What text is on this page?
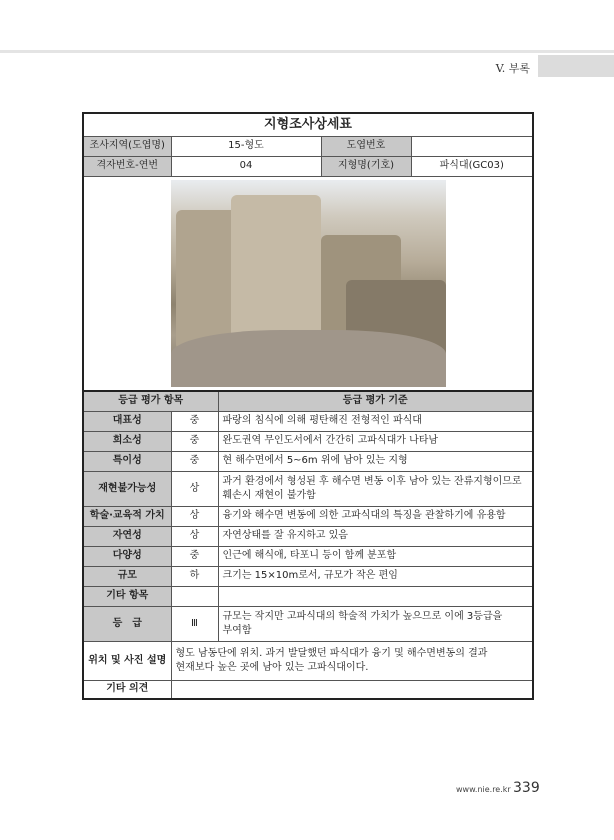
V. 부록
지형조사상세표				
조사지역(도엽명)	15-형도		도엽번호	
격자번호-연번	04		지형명(기호)	파식대(GC03)

등급 평가 항목		등급 평가 기준		
대표성	중	파랑의 침식에 의해 평탄해진 전형적인 파식대		
희소성	중	완도권역 무인도서에서 간간히 고파식대가 나타남		
특이성	중	현 해수면에서 5~6m 위에 남아 있는 지형		
재현불가능성	상	과거 환경에서 형성된 후 해수면 변동 이후 남아 있는 잔류지형이므로 훼손시 재현이 불가함		
학술·교육적 가치	상	융기와 해수면 변동에 의한 고파식대의 특징을 관찰하기에 유용함		
자연성	상	자연상태를 잘 유지하고 있음		
다양성	중	인근에 해식애, 타포니 등이 함께 분포함		
규모	하	크기는 15×10m로서, 규모가 작은 편임		
기타 항목				
등　급	Ⅲ	규모는 작지만 고파식대의 학술적 가치가 높으므로 이에 3등급을 부여함		
위치 및 사진 설명	형도 남동단에 위치. 과거 발달했던 파식대가 융기 및 해수면변동의 결과 현재보다 높은 곳에 남아 있는 고파식대이다.			
기타 의견				
www.nie.re.kr 339
